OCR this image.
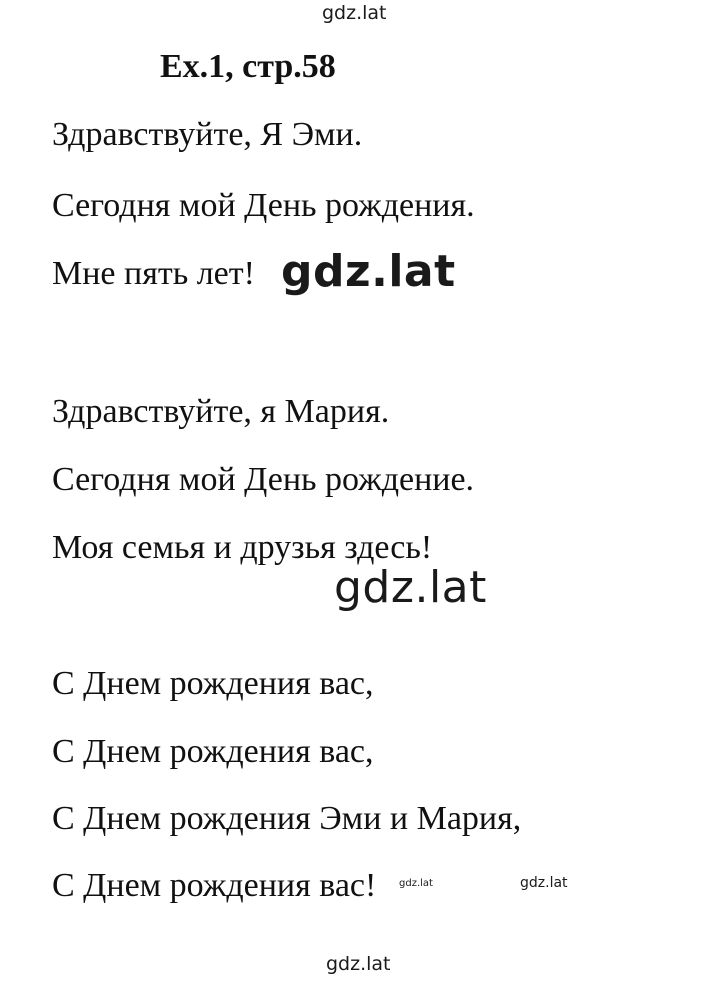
gdz.lat
Ex.1, стр.58
Здравствуйте, Я Эми.
Сегодня мой День рождения.
Мне пять лет! gdz.lat
Здравствуйте, я Мария.
Сегодня мой День рождение.
Моя семья и друзья здесь!
gdz.lat
С Днем рождения вас,
С Днем рождения вас,
С Днем рождения Эми и Мария,
С Днем рождения вас! gdz.lat	gdz.lat
gdz.lat
